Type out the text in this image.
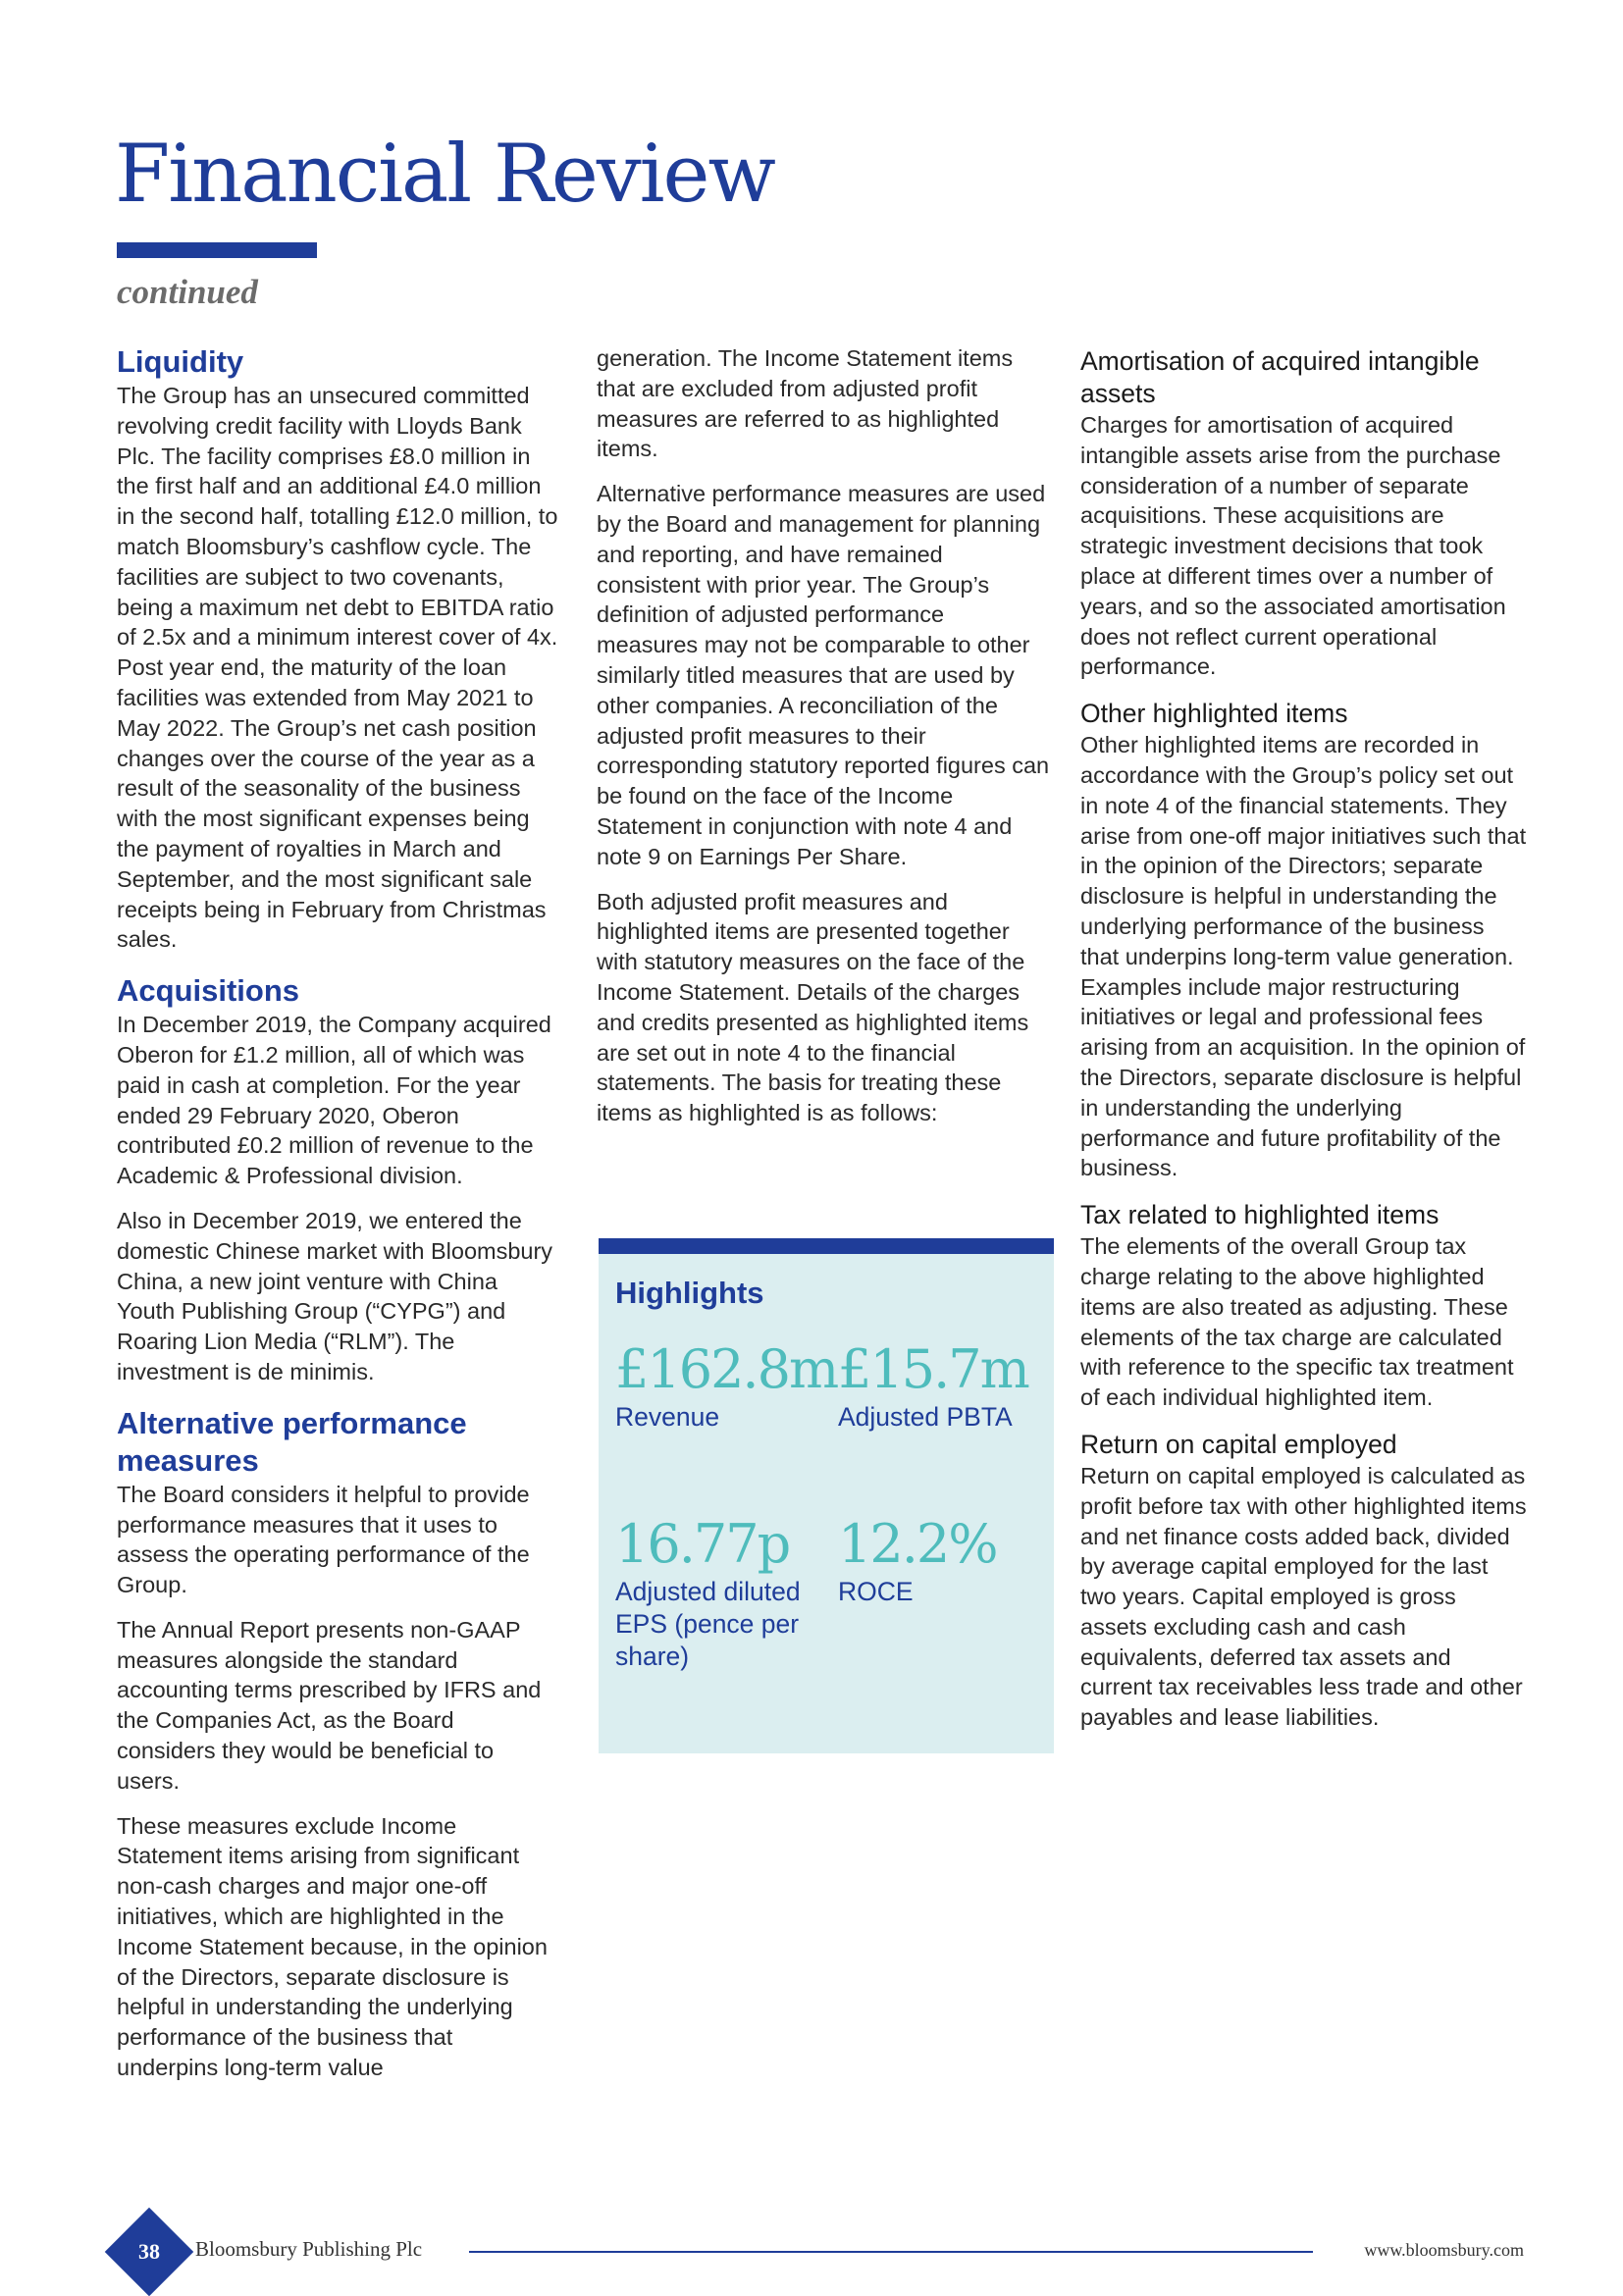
Financial Review
continued
Liquidity

The Group has an unsecured committed revolving credit facility with Lloyds Bank Plc. The facility comprises £8.0 million in the first half and an additional £4.0 million in the second half, totalling £12.0 million, to match Bloomsbury’s cashflow cycle. The facilities are subject to two covenants, being a maximum net debt to EBITDA ratio of 2.5x and a minimum interest cover of 4x. Post year end, the maturity of the loan facilities was extended from May 2021 to May 2022. The Group’s net cash position changes over the course of the year as a result of the seasonality of the business with the most significant expenses being the payment of royalties in March and September, and the most significant sale receipts being in February from Christmas sales.

Acquisitions

In December 2019, the Company acquired Oberon for £1.2 million, all of which was paid in cash at completion. For the year ended 29 February 2020, Oberon contributed £0.2 million of revenue to the Academic & Professional division.

Also in December 2019, we entered the domestic Chinese market with Bloomsbury China, a new joint venture with China Youth Publishing Group (“CYPG”) and Roaring Lion Media (“RLM”). The investment is de minimis.

Alternative performance measures

The Board considers it helpful to provide performance measures that it uses to assess the operating performance of the Group.

The Annual Report presents non-GAAP measures alongside the standard accounting terms prescribed by IFRS and the Companies Act, as the Board considers they would be beneficial to users.

These measures exclude Income Statement items arising from significant non-cash charges and major one-off initiatives, which are highlighted in the Income Statement because, in the opinion of the Directors, separate disclosure is helpful in understanding the underlying performance of the business that underpins long-term value

generation. The Income Statement items that are excluded from adjusted profit measures are referred to as highlighted items.

Alternative performance measures are used by the Board and management for planning and reporting, and have remained consistent with prior year. The Group’s definition of adjusted performance measures may not be comparable to other similarly titled measures that are used by other companies. A reconciliation of the adjusted profit measures to their corresponding statutory reported figures can be found on the face of the Income Statement in conjunction with note 4 and note 9 on Earnings Per Share.

Both adjusted profit measures and highlighted items are presented together with statutory measures on the face of the Income Statement. Details of the charges and credits presented as highlighted items are set out in note 4 to the financial statements. The basis for treating these items as highlighted is as follows:

Highlights
£162.8m
Revenue
£15.7m
Adjusted PBTA
16.77p
Adjusted diluted EPS (pence per share)
12.2%
ROCE
Amortisation of acquired intangible assets

Charges for amortisation of acquired intangible assets arise from the purchase consideration of a number of separate acquisitions. These acquisitions are strategic investment decisions that took place at different times over a number of years, and so the associated amortisation does not reflect current operational performance.

Other highlighted items

Other highlighted items are recorded in accordance with the Group’s policy set out in note 4 of the financial statements. They arise from one-off major initiatives such that in the opinion of the Directors; separate disclosure is helpful in understanding the underlying performance of the business that underpins long-term value generation. Examples include major restructuring initiatives or legal and professional fees arising from an acquisition. In the opinion of the Directors, separate disclosure is helpful in understanding the underlying performance and future profitability of the business.

Tax related to highlighted items

The elements of the overall Group tax charge relating to the above highlighted items are also treated as adjusting. These elements of the tax charge are calculated with reference to the specific tax treatment of each individual highlighted item.

Return on capital employed

Return on capital employed is calculated as profit before tax with other highlighted items and net finance costs added back, divided by average capital employed for the last two years. Capital employed is gross assets excluding cash and cash equivalents, deferred tax assets and current tax receivables less trade and other payables and lease liabilities.

38	Bloomsbury Publishing Plc	www.bloomsbury.com
